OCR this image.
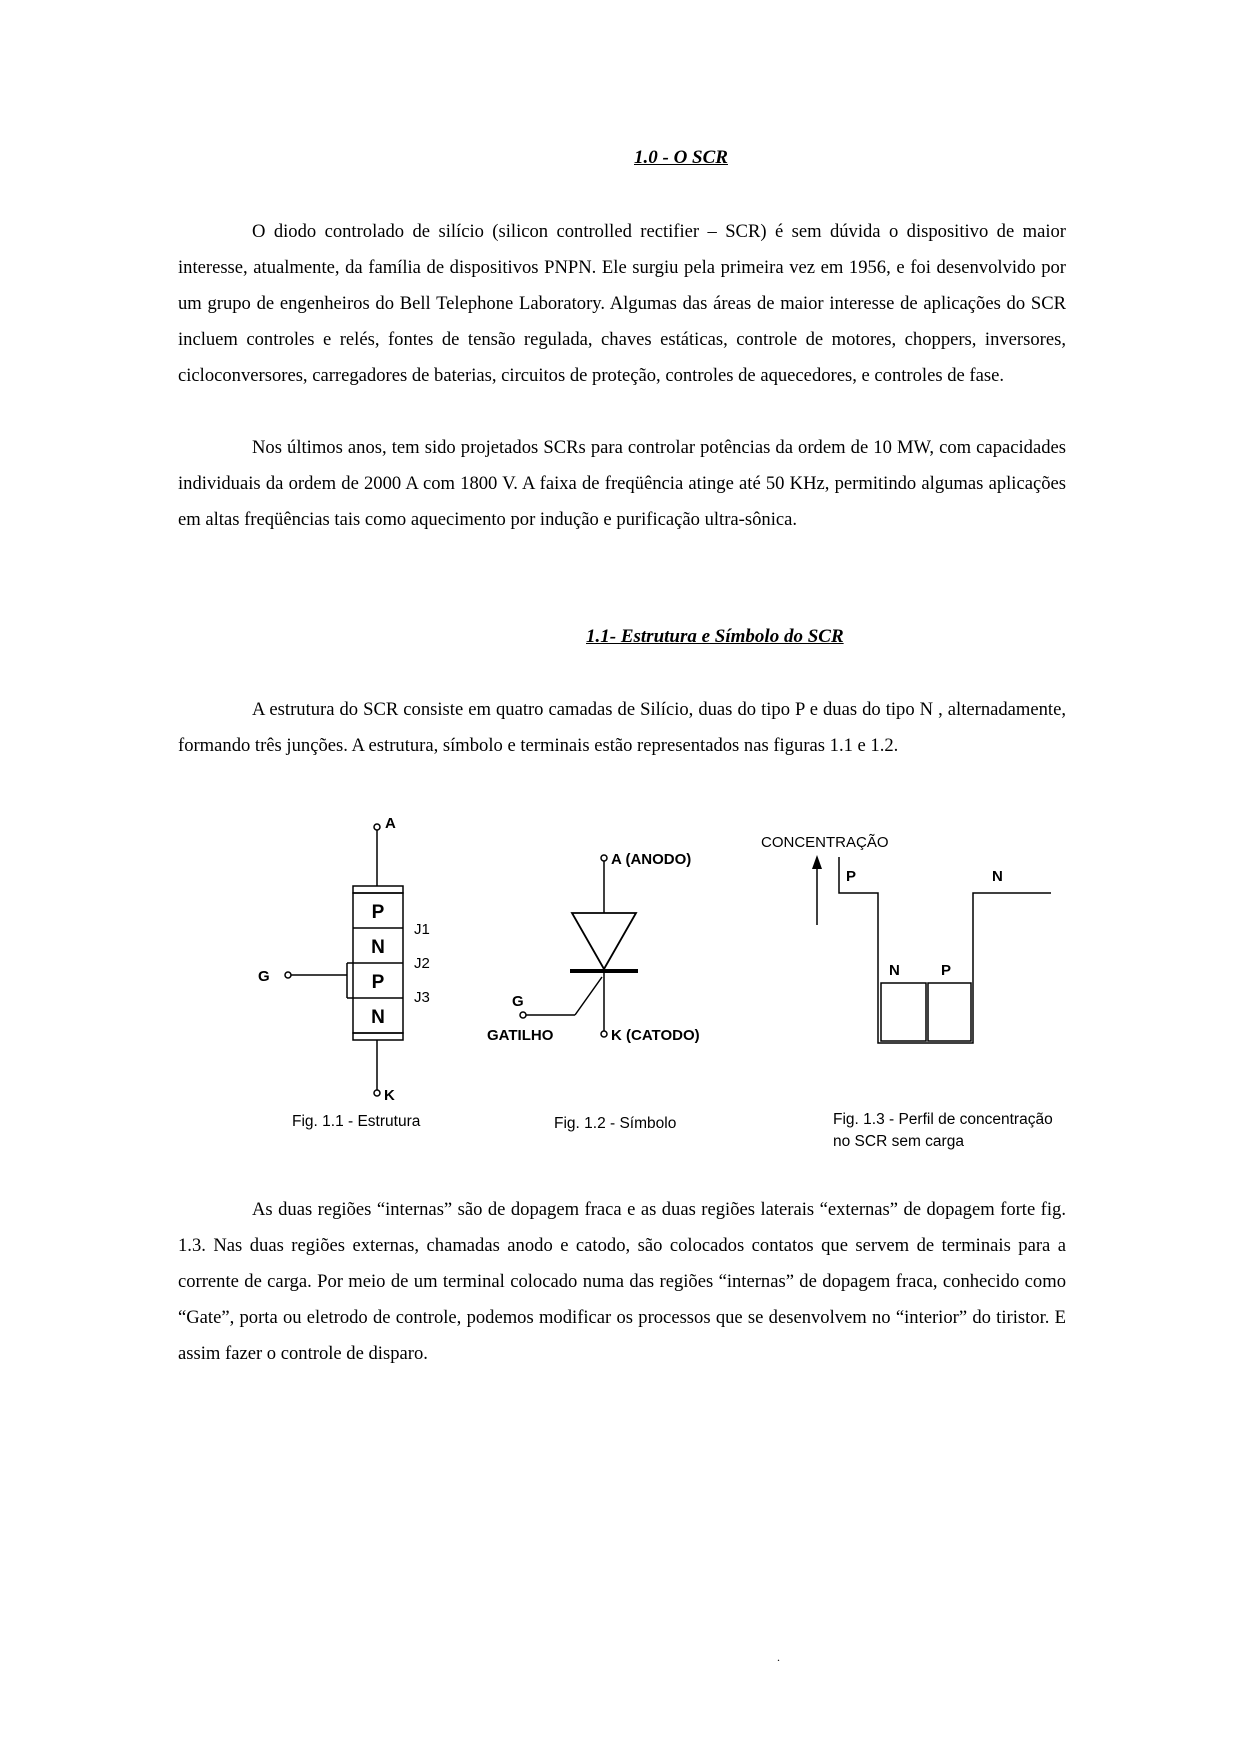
1.0 - O SCR

O diodo controlado de silício (silicon controlled rectifier – SCR) é sem dúvida o dispositivo de maior interesse, atualmente, da família de dispositivos PNPN. Ele surgiu pela primeira vez em 1956, e foi desenvolvido por um grupo de engenheiros do Bell Telephone Laboratory. Algumas das áreas de maior interesse de aplicações do SCR incluem controles e relés, fontes de tensão regulada, chaves estáticas, controle de motores, choppers, inversores, cicloconversores, carregadores de baterias, circuitos de proteção, controles de aquecedores, e controles de fase.

Nos últimos anos, tem sido projetados SCRs para controlar potências da ordem de 10 MW, com capacidades individuais da ordem de 2000 A com 1800 V. A faixa de freqüência atinge até 50 KHz, permitindo algumas aplicações em altas freqüências tais como aquecimento por indução e purificação ultra-sônica.

1.1- Estrutura e Símbolo do SCR

A estrutura do SCR consiste em quatro camadas de Silício, duas do tipo P e duas do tipo N , alternadamente, formando três junções. A estrutura, símbolo e terminais estão representados nas figuras 1.1 e 1.2.

A
K
G
P
N
P
N
J1
J2
J3
Fig. 1.1 - Estrutura
A (ANODO)
K (CATODO)
G
GATILHO
Fig. 1.2 - Símbolo
CONCENTRAÇÃO
P	N
N	P
Fig. 1.3 - Perfil de concentração
no SCR sem carga

As duas regiões “internas” são de dopagem fraca e as duas regiões laterais “externas” de dopagem forte fig. 1.3. Nas duas regiões externas, chamadas anodo e catodo, são colocados contatos que servem de terminais para a corrente de carga. Por meio de um terminal colocado numa das regiões “internas” de dopagem fraca, conhecido como “Gate”, porta ou eletrodo de controle, podemos modificar os processos que se desenvolvem no “interior” do tiristor. E assim fazer o controle de disparo.

.
